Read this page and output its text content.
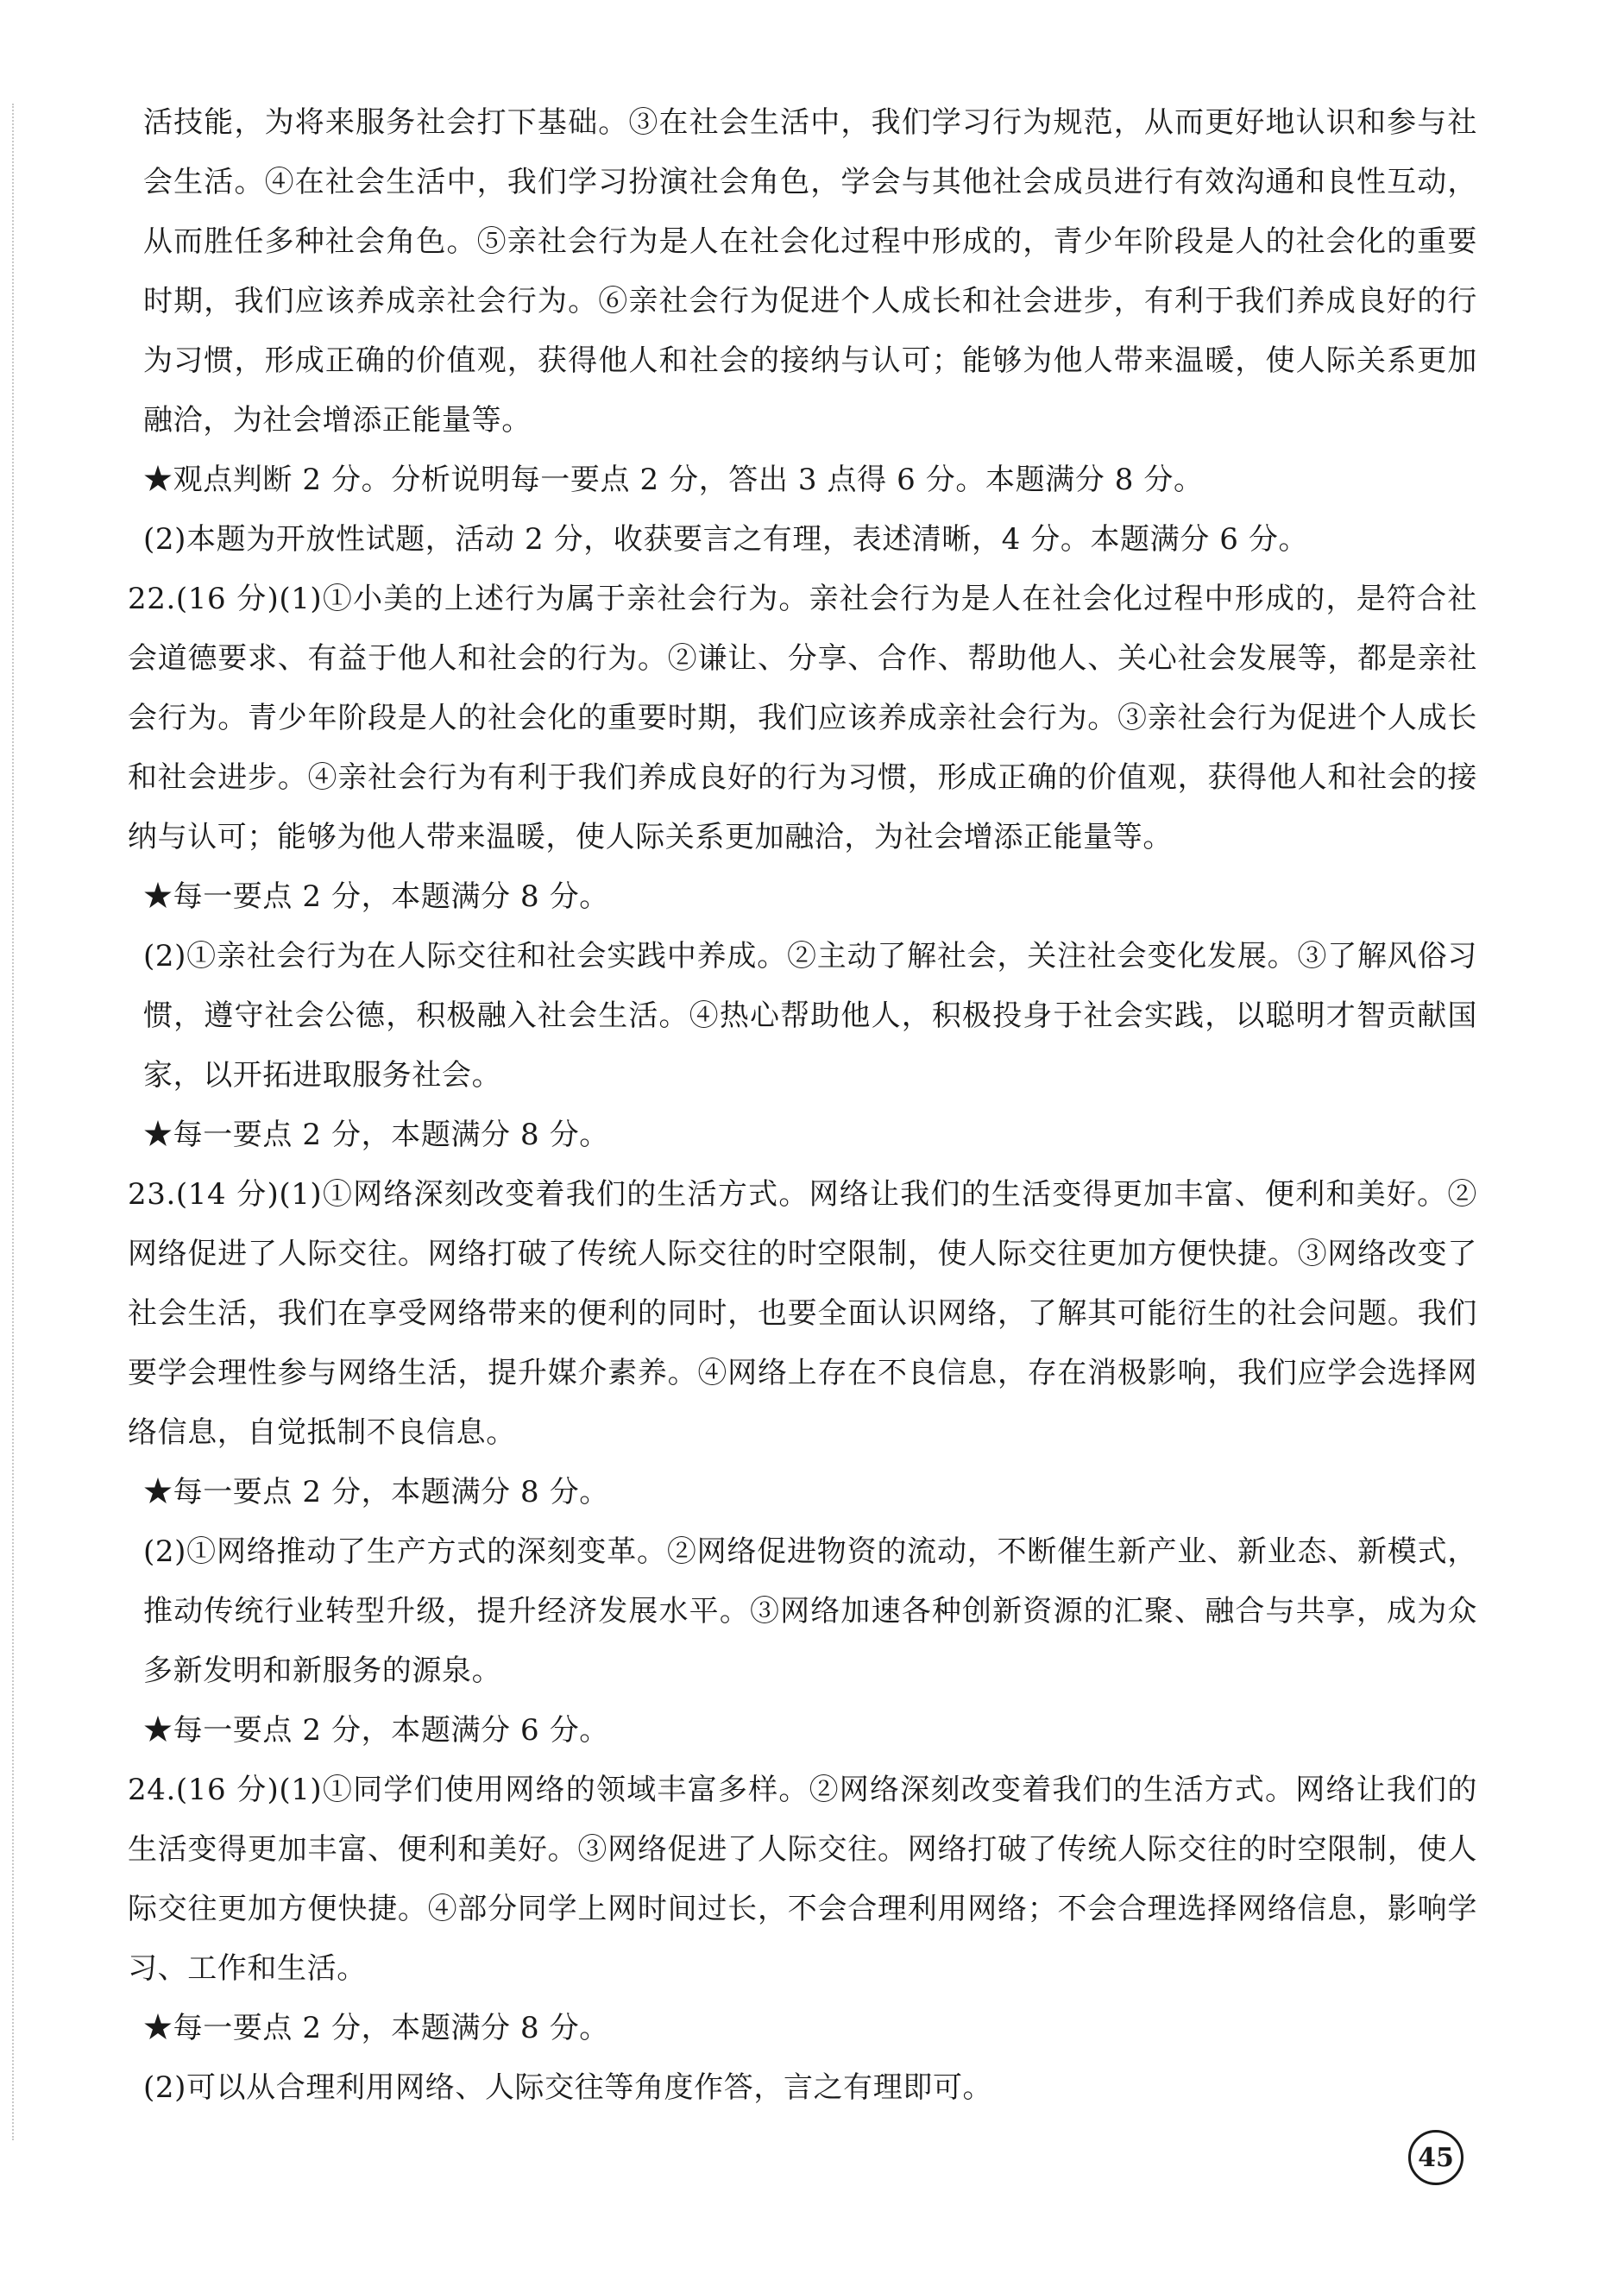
活技能，为将来服务社会打下基础。③在社会生活中，我们学习行为规范，从而更好地认识和参与社会生活。④在社会生活中，我们学习扮演社会角色，学会与其他社会成员进行有效沟通和良性互动，从而胜任多种社会角色。⑤亲社会行为是人在社会化过程中形成的，青少年阶段是人的社会化的重要时期，我们应该养成亲社会行为。⑥亲社会行为促进个人成长和社会进步，有利于我们养成良好的行为习惯，形成正确的价值观，获得他人和社会的接纳与认可；能够为他人带来温暖，使人际关系更加融洽，为社会增添正能量等。
★观点判断 2 分。分析说明每一要点 2 分，答出 3 点得 6 分。本题满分 8 分。
(2)本题为开放性试题，活动 2 分，收获要言之有理，表述清晰，4 分。本题满分 6 分。
22.(16 分)(1)①小美的上述行为属于亲社会行为。亲社会行为是人在社会化过程中形成的，是符合社会道德要求、有益于他人和社会的行为。②谦让、分享、合作、帮助他人、关心社会发展等，都是亲社会行为。青少年阶段是人的社会化的重要时期，我们应该养成亲社会行为。③亲社会行为促进个人成长和社会进步。④亲社会行为有利于我们养成良好的行为习惯，形成正确的价值观，获得他人和社会的接纳与认可；能够为他人带来温暖，使人际关系更加融洽，为社会增添正能量等。
★每一要点 2 分，本题满分 8 分。
(2)①亲社会行为在人际交往和社会实践中养成。②主动了解社会，关注社会变化发展。③了解风俗习惯，遵守社会公德，积极融入社会生活。④热心帮助他人，积极投身于社会实践，以聪明才智贡献国家，以开拓进取服务社会。
★每一要点 2 分，本题满分 8 分。
23.(14 分)(1)①网络深刻改变着我们的生活方式。网络让我们的生活变得更加丰富、便利和美好。②网络促进了人际交往。网络打破了传统人际交往的时空限制，使人际交往更加方便快捷。③网络改变了社会生活，我们在享受网络带来的便利的同时，也要全面认识网络，了解其可能衍生的社会问题。我们要学会理性参与网络生活，提升媒介素养。④网络上存在不良信息，存在消极影响，我们应学会选择网络信息，自觉抵制不良信息。
★每一要点 2 分，本题满分 8 分。
(2)①网络推动了生产方式的深刻变革。②网络促进物资的流动，不断催生新产业、新业态、新模式，推动传统行业转型升级，提升经济发展水平。③网络加速各种创新资源的汇聚、融合与共享，成为众多新发明和新服务的源泉。
★每一要点 2 分，本题满分 6 分。
24.(16 分)(1)①同学们使用网络的领域丰富多样。②网络深刻改变着我们的生活方式。网络让我们的生活变得更加丰富、便利和美好。③网络促进了人际交往。网络打破了传统人际交往的时空限制，使人际交往更加方便快捷。④部分同学上网时间过长，不会合理利用网络；不会合理选择网络信息，影响学习、工作和生活。
★每一要点 2 分，本题满分 8 分。
(2)可以从合理利用网络、人际交往等角度作答，言之有理即可。
45
